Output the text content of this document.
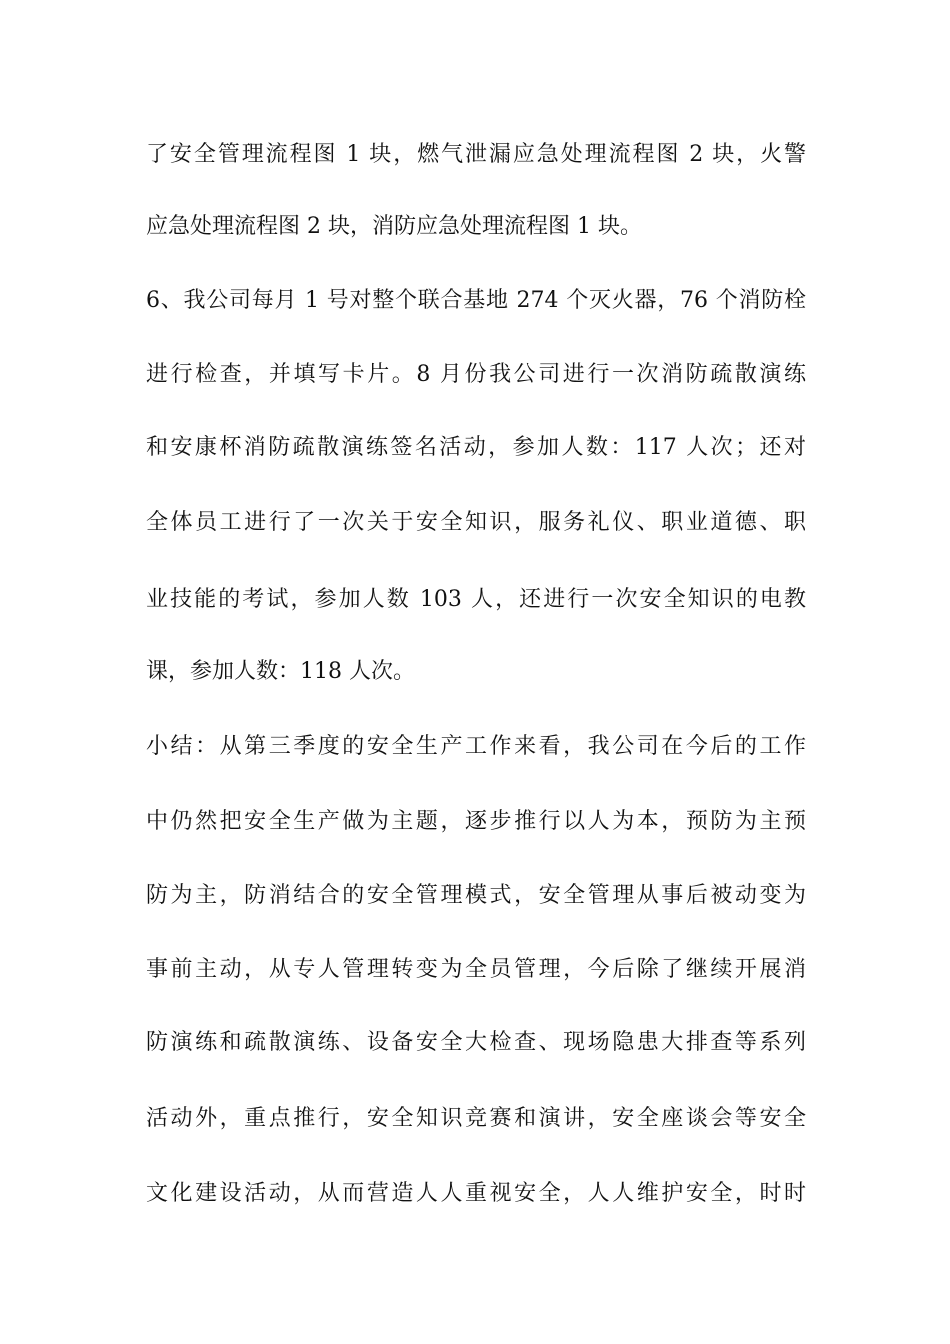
了安全管理流程图 1 块，燃气泄漏应急处理流程图 2 块，火警

应急处理流程图 2 块，消防应急处理流程图 1 块。

6、我公司每月 1 号对整个联合基地 274 个灭火器，76 个消防栓

进行检查，并填写卡片。8 月份我公司进行一次消防疏散演练

和安康杯消防疏散演练签名活动，参加人数：117 人次；还对

全体员工进行了一次关于安全知识，服务礼仪、职业道德、职

业技能的考试，参加人数 103 人，还进行一次安全知识的电教

课，参加人数：118 人次。

小结：从第三季度的安全生产工作来看，我公司在今后的工作

中仍然把安全生产做为主题，逐步推行以人为本，预防为主预

防为主，防消结合的安全管理模式，安全管理从事后被动变为

事前主动，从专人管理转变为全员管理，今后除了继续开展消

防演练和疏散演练、设备安全大检查、现场隐患大排查等系列

活动外，重点推行，安全知识竞赛和演讲，安全座谈会等安全

文化建设活动，从而营造人人重视安全，人人维护安全，时时
